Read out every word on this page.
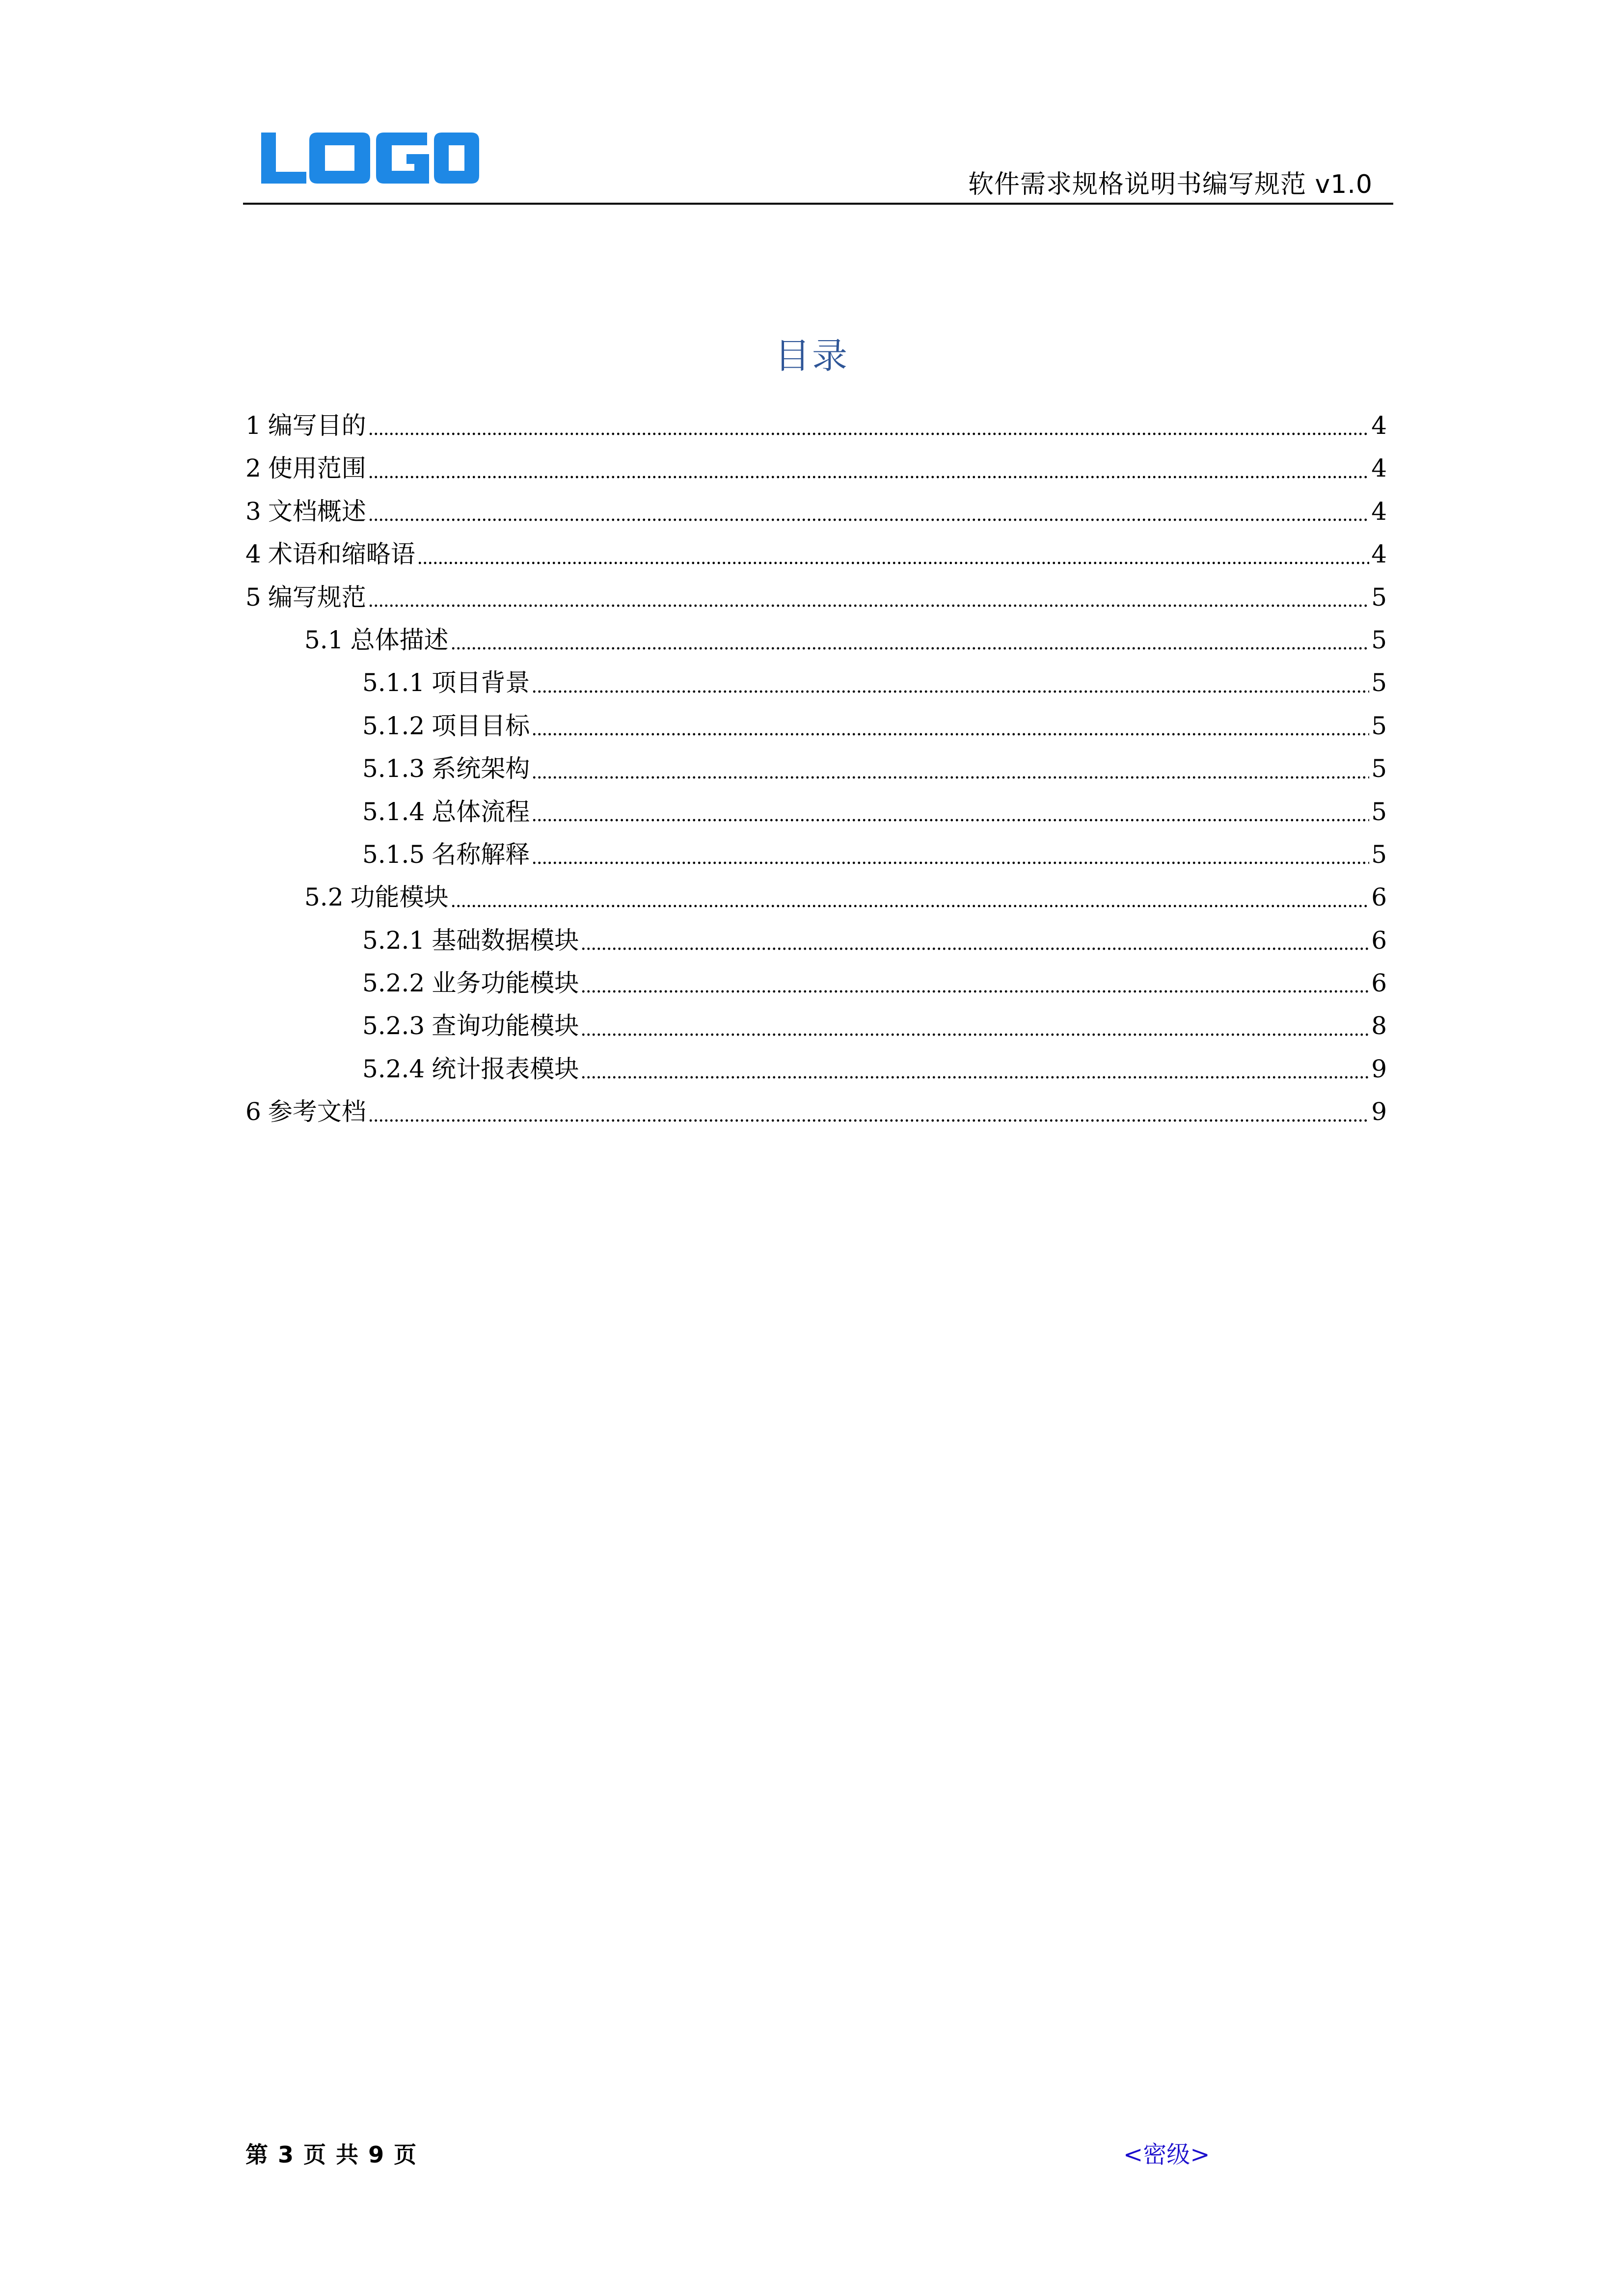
软件需求规格说明书编写规范 v1.0
目录
1 编写目的	4
2 使用范围	4
3 文档概述	4
4 术语和缩略语	4
5 编写规范	5
5.1 总体描述	5
5.1.1 项目背景	5
5.1.2 项目目标	5
5.1.3 系统架构	5
5.1.4 总体流程	5
5.1.5 名称解释	5
5.2 功能模块	6
5.2.1 基础数据模块	6
5.2.2 业务功能模块	6
5.2.3 查询功能模块	8
5.2.4 统计报表模块	9
6 参考文档	9
第 3 页 共 9 页	<密级>
